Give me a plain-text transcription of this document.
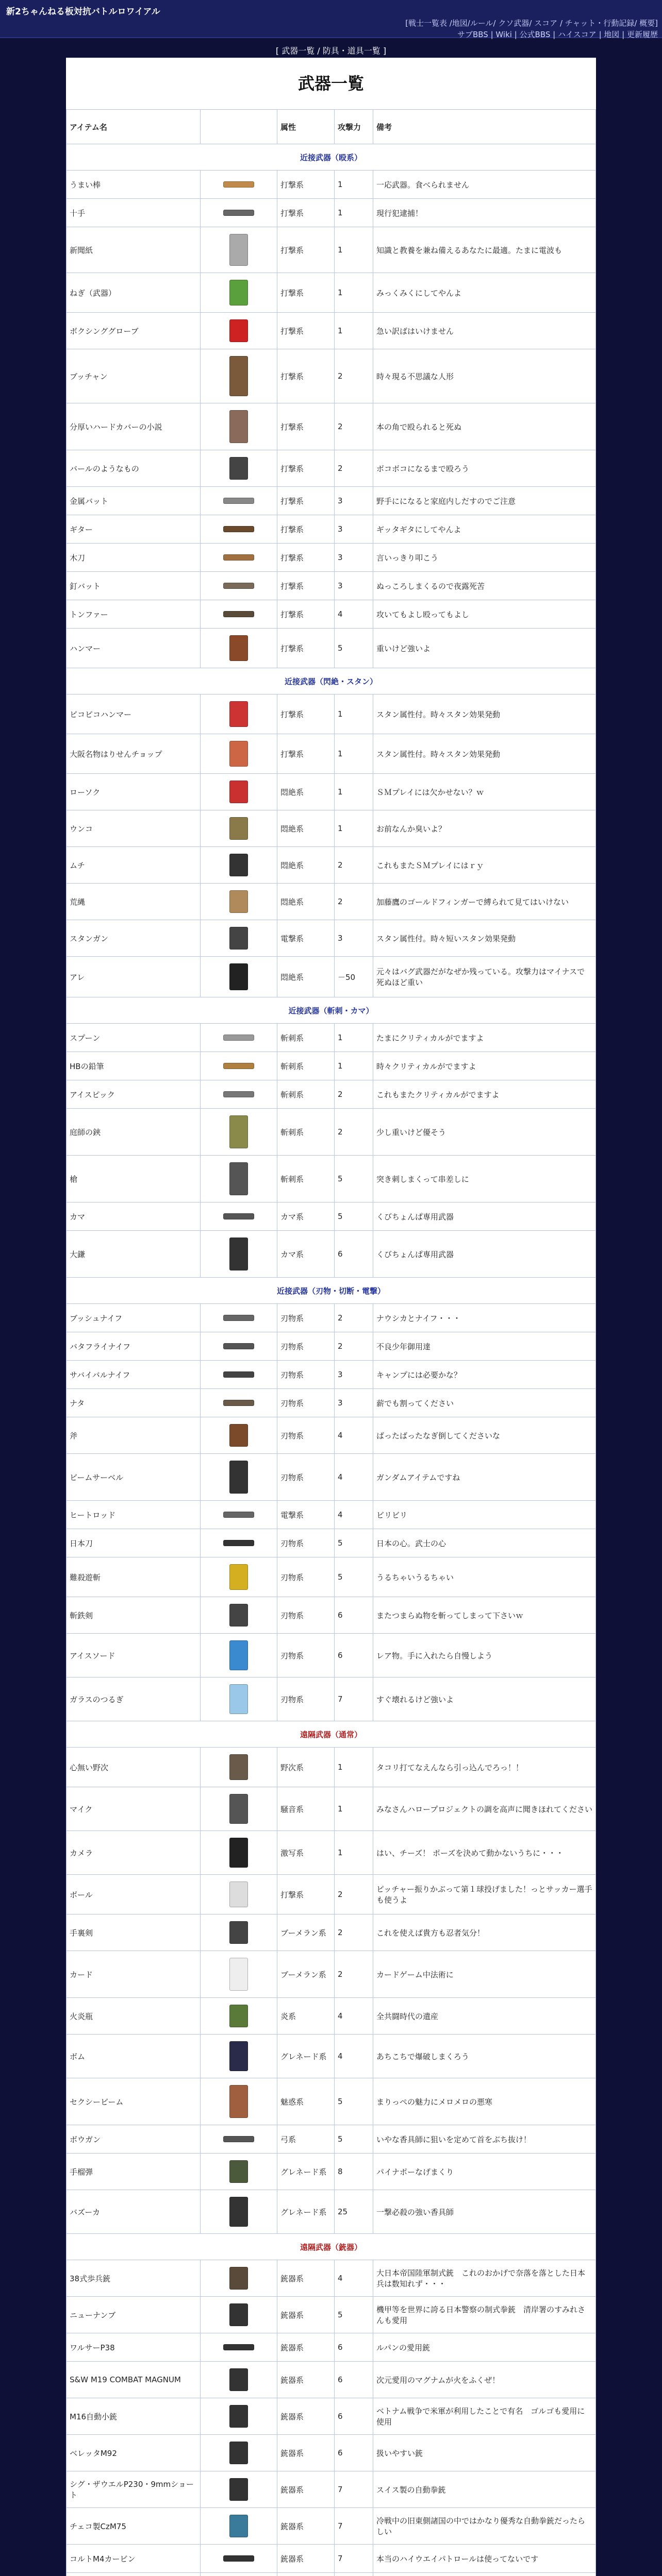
新2ちゃんねる板対抗バトルロワイアル
[戦士一覧表 /地図/ルール/ クソ武器/ スコア / チャット・行動記録/ 概要]
サブBBS | Wiki | 公式BBS | ハイスコア | 地図 | 更新履歴
[ 武器一覧 / 防具・道具一覧 ]
武器一覧
アイテム名		属性	攻撃力	備考
近接武器（殴系）				
うまい棒		打撃系	1	一応武器。食べられません
十手		打撃系	1	現行犯逮捕！
新聞紙		打撃系	1	知識と教養を兼ね備えるあなたに最適。たまに電波も
ねぎ（武器）		打撃系	1	みっくみくにしてやんよ
ボクシンググローブ		打撃系	1	急い訳ばはいけません
ブッチャン		打撃系	2	時々現る不思議な人形
分厚いハードカバーの小説		打撃系	2	本の角で殴られると死ぬ
バールのようなもの		打撃系	2	ボコボコになるまで殴ろう
金属バット		打撃系	3	野手にになると家庭内しだすのでご注意
ギター		打撃系	3	ギッタギタにしてやんよ
木刀		打撃系	3	言いっきり叩こう
釘バット		打撃系	3	ぬっころしまくるので夜露死苦
トンファー		打撃系	4	攻いてもよし殴ってもよし
ハンマー		打撃系	5	重いけど強いよ
近接武器（閃絶・スタン）				
ピコピコハンマー		打撃系	1	スタン属性付。時々スタン効果発動
大阪名物はりせんチョップ		打撃系	1	スタン属性付。時々スタン効果発動
ローソク		悶絶系	1	ＳＭプレイには欠かせない？ｗ
ウンコ		悶絶系	1	お前なんか臭いよ？
ムチ		悶絶系	2	これもまたＳＭプレイにはｒｙ
荒縄		悶絶系	2	加藤鷹のゴールドフィンガーで縛られて見てはいけない
スタンガン		電撃系	3	スタン属性付。時々短いスタン効果発動
アレ		悶絶系	－50	元々はバグ武器だがなぜか残っている。攻撃力はマイナスで死ぬほど重い
近接武器（斬刺・カマ）				
スプーン		斬刺系	1	たまにクリティカルがでますよ
HBの鉛筆		斬刺系	1	時々クリティカルがでますよ
アイスピック		斬刺系	2	これもまたクリティカルがでますよ
庭師の鋏		斬刺系	2	少し重いけど優そう
槍		斬刺系	5	突き刺しまくって串差しに
カマ		カマ系	5	くびちょんぱ専用武器
大鎌		カマ系	6	くびちょんぱ専用武器
近接武器（刃物・切断・電撃）				
ブッシュナイフ		刃物系	2	ナウシカとナイフ・・・
バタフライナイフ		刃物系	2	不良少年御用達
サバイバルナイフ		刃物系	3	キャンプには必要かな？
ナタ		刃物系	3	薪でも割ってください
斧		刃物系	4	ばったばったなぎ倒してくださいな
ビームサーベル		刃物系	4	ガンダムアイテムですね
ヒートロッド		電撃系	4	ビリビリ
日本刀		刃物系	5	日本の心。武士の心
難殺遊斬		刃物系	5	うるちゃいうるちゃい
斬鉄剣		刃物系	6	またつまらぬ物を斬ってしまって下さいｗ
アイスソード		刃物系	6	レア物。手に入れたら自慢しよう
ガラスのつるぎ		刃物系	7	すぐ壊れるけど強いよ
遠隔武器（通常）				
心無い野次		野次系	1	タコリ打てなえんなら引っ込んでろっ！！
マイク		騒音系	1	みなさんハロープロジェクトの調を高声に聞きほれてください
カメラ		激写系	1	はい、チーズ！ ポーズを決めて動かないうちに・・・
ボール		打撃系	2	ピッチャー振りかぶって第１球投げました！っとサッカー選手も使うよ
手裏剣		ブーメラン系	2	これを使えば貴方も忍者気分！
カード		ブーメラン系	2	カードゲーム中法術に
火炎瓶		炎系	4	全共闘時代の遺産
ボム		グレネード系	4	あちこちで爆破しまくろう
セクシービーム		魅惑系	5	まりっぺの魅力にメロメロの悪寒
ボウガン		弓系	5	いやな香具師に狙いを定めて首をぶち抜け！
手榴弾		グレネード系	8	パイナポーなげまくり
バズーカ		グレネード系	25	一撃必殺の強い香具師
遠隔武器（銃器）				
38式歩兵銃		銃器系	4	大日本帝国陸軍制式銃　これのおかげで奈落を落とした日本兵は数知れず・・・
ニューナンブ		銃器系	5	機甲等を世界に誇る日本警察の制式拳銃　清岸署のすみれさんも愛用
ワルサーP38		銃器系	6	ルパンの愛用銃
S&W M19 COMBAT MAGNUM		銃器系	6	次元愛用のマグナムが火をふくぜ！
M16自動小銃		銃器系	6	ベトナム戦争で米軍が利用したことで有名　ゴルゴも愛用に使用
ベレッタM92		銃器系	6	扱いやすい銃
シグ・ザウエルP230・9mmショート		銃器系	7	スイス製の自動拳銃
チェコ製CzM75		銃器系	7	冷戦中の旧東側諸国の中ではかなり優秀な自動拳銃だったらしい
コルトM4カービン		銃器系	7	本当のハイウエイパトロールは使ってないです
